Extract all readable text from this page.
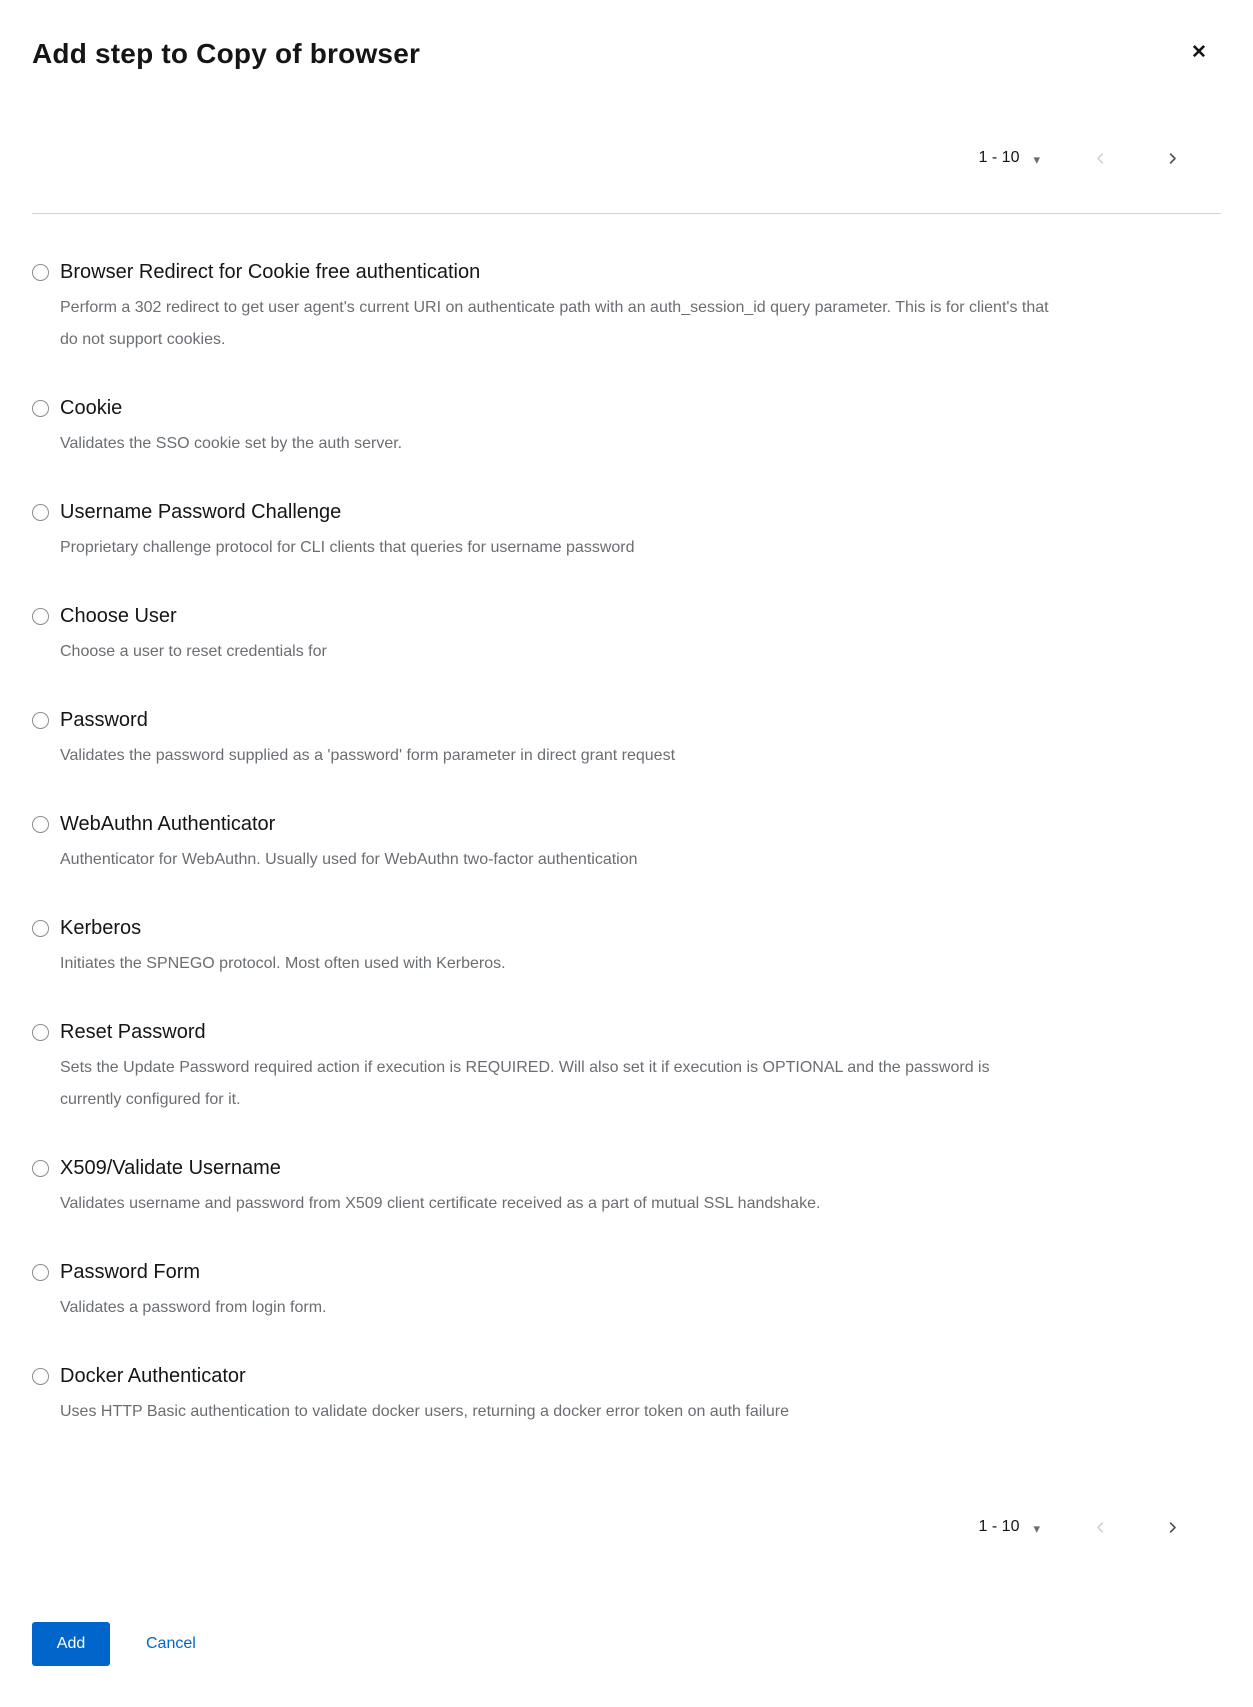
Add step to Copy of browser	✕
1 - 10 ▾
Browser Redirect for Cookie free authentication

Perform a 302 redirect to get user agent's current URI on authenticate path with an auth_session_id query parameter. This is for client's that do not support cookies.

Cookie

Validates the SSO cookie set by the auth server.

Username Password Challenge

Proprietary challenge protocol for CLI clients that queries for username password

Choose User

Choose a user to reset credentials for

Password

Validates the password supplied as a 'password' form parameter in direct grant request

WebAuthn Authenticator

Authenticator for WebAuthn. Usually used for WebAuthn two-factor authentication

Kerberos

Initiates the SPNEGO protocol. Most often used with Kerberos.

Reset Password

Sets the Update Password required action if execution is REQUIRED. Will also set it if execution is OPTIONAL and the password is currently configured for it.

X509/Validate Username

Validates username and password from X509 client certificate received as a part of mutual SSL handshake.

Password Form

Validates a password from login form.

Docker Authenticator

Uses HTTP Basic authentication to validate docker users, returning a docker error token on auth failure

1 - 10 ▾
Add	Cancel
